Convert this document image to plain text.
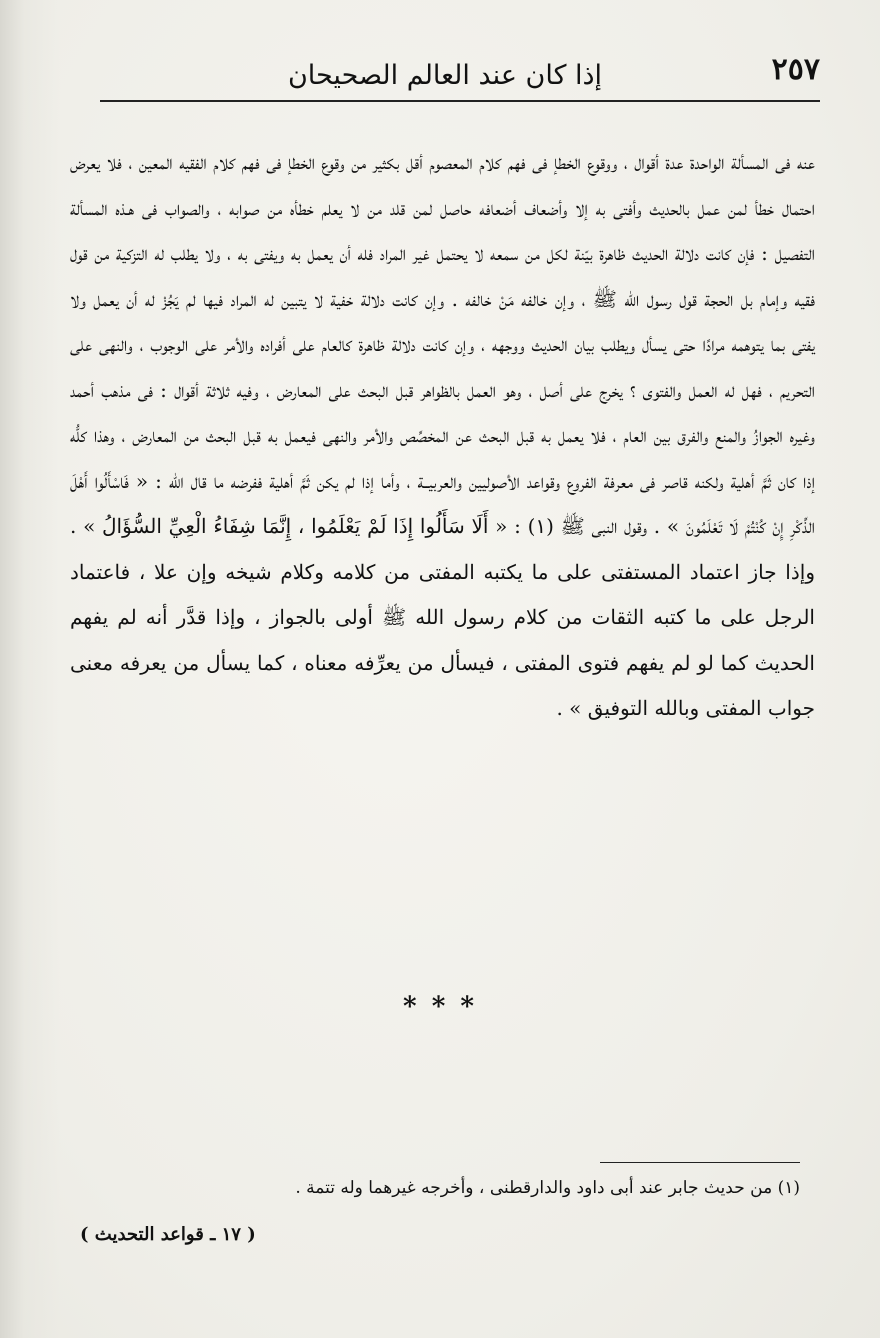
٢٥٧
إذا كان عند العالم الصحيحان

عنه فى المسألة الواحدة عدة أقوال ، ووقوع الخطإ فى فهم كلام المعصوم أقل بكثير من وقوع الخطإ فى فهم كلام الفقيه المعين ، فلا يعرض احتمال خطأ لمن عمل بالحديث وأفتى به إلا وأضعاف أضعافه حاصل لمن قلد من لا يعلم خطأه من صوابه ، والصواب فى هـذه المسألة التفصيل : فإن كانت دلالة الحديث ظاهرة بيّنة لكل من سمعه لا يحتمل غير المراد فله أن يعمل به ويفتى به ، ولا يطلب له التزكية من قول فقيه وإمام بل الحجة قول رسول الله ﷺ ، وإن خالفه مَنْ خالفه . وإن كانت دلالة خفية لا يتبين له المراد فيها لم يَجُزْ له أن يعمل ولا يفتى بما يتوهمه مرادًا حتى يسأل ويطلب بيان الحديث ووجهه ، وإن كانت دلالة ظاهرة كالعام على أفراده والأمر على الوجوب ، والنهى على التحريم ، فهل له العمل والفتوى ؟ يخرج على أصل ، وهو العمل بالظواهر قبل البحث على المعارض ، وفيه ثلاثة أقوال : فى مذهب أحمد وغيره الجوازُ والمنع والفرق بين العام ، فلا يعمل به قبل البحث عن المخصِّص والأمر والنهى فيعمل به قبل البحث من المعارض ، وهذا كلُّه إذا كان ثَمَّ أهلية ولكنه قاصر فى معرفة الفروع وقواعد الأصوليين والعربيــة ، وأما إذا لم يكن ثَمَّ أهلية ففرضه ما قال الله : « فَاسْأَلُوا أَهْلَ الذِّكْرِ إِنْ كُنْتُمْ لَا تَعْلَمُونَ » . وقول النبى ﷺ (١) : « أَلَا سَأَلُوا إِذَا لَمْ يَعْلَمُوا ، إِنَّمَا شِفَاءُ الْعِيِّ السُّؤَالُ » . وإذا جاز اعتماد المستفتى على ما يكتبه المفتى من كلامه وكلام شيخه وإن علا ، فاعتماد الرجل على ما كتبه الثقات من كلام رسول الله ﷺ أولى بالجواز ، وإذا قدَّر أنه لم يفهم الحديث كما لو لم يفهم فتوى المفتى ، فيسأل من يعرِّفه معناه ، كما يسأل من يعرفه معنى جواب المفتى وبالله التوفيق » .

* * *
(١) من حديث جابر عند أبى داود والدارقطنى ، وأخرجه غيرهما وله تتمة .
( ١٧ ـ قواعد التحديث )
